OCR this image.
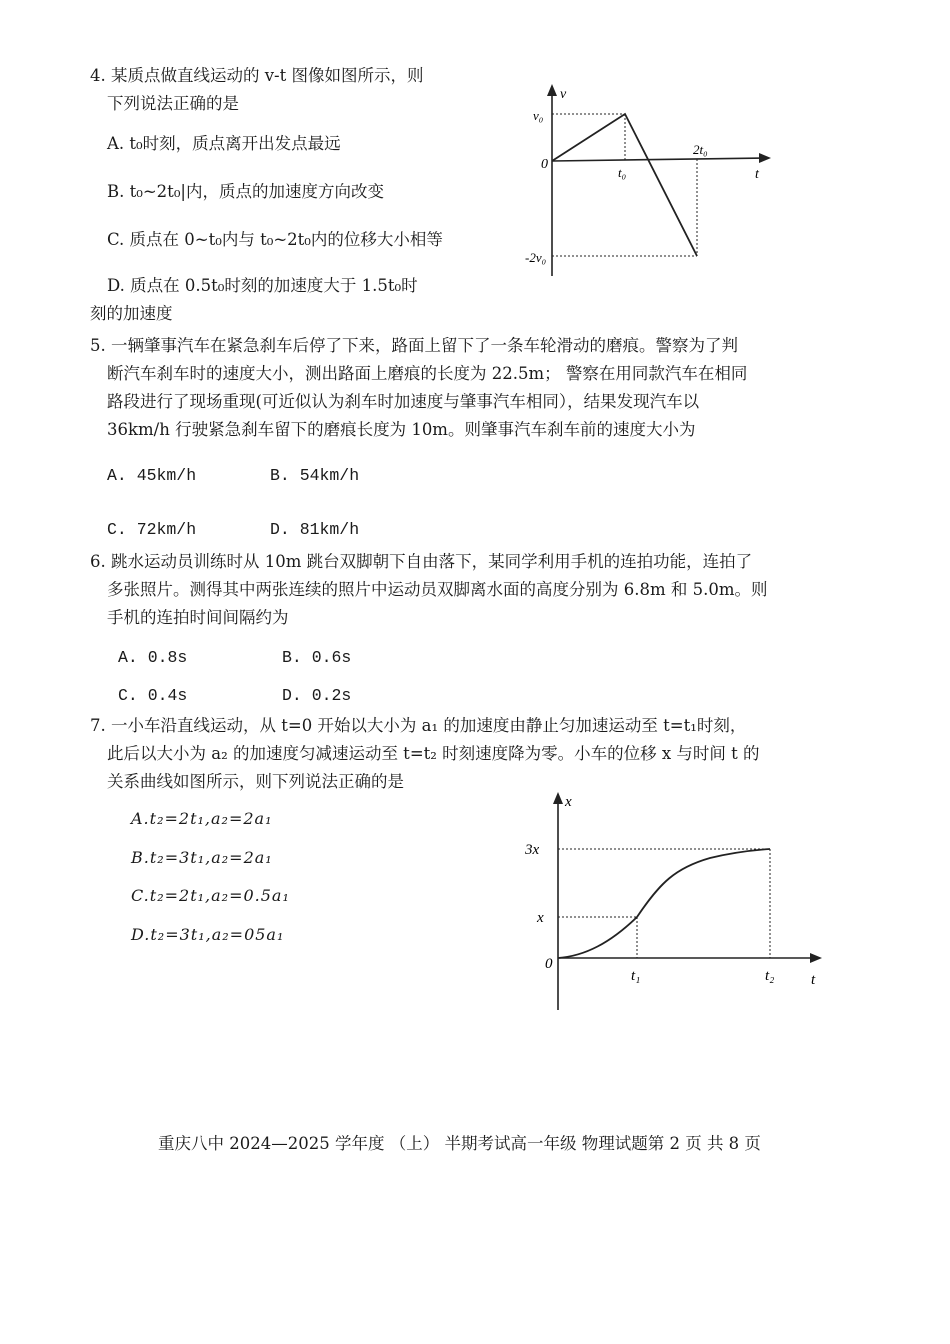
4. 某质点做直线运动的 v-t 图像如图所示，则
下列说法正确的是
A. t₀时刻，质点离开出发点最远
B. t₀~2t₀|内，质点的加速度方向改变
C. 质点在 0~t₀内与 t₀~2t₀内的位移大小相等
D. 质点在 0.5t₀时刻的加速度大于 1.5t₀时
刻的加速度
v
t
0
v₀
-2v₀
t₀
2t₀
5. 一辆肇事汽车在紧急刹车后停了下来，路面上留下了一条车轮滑动的磨痕。警察为了判
断汽车刹车时的速度大小，测出路面上磨痕的长度为 22.5m； 警察在用同款汽车在相同
路段进行了现场重现(可近似认为刹车时加速度与肇事汽车相同），结果发现汽车以
36km/h 行驶紧急刹车留下的磨痕长度为 10m。则肇事汽车刹车前的速度大小为
A. 45km/h	B. 54km/h
C. 72km/h	D. 81km/h
6. 跳水运动员训练时从 10m 跳台双脚朝下自由落下，某同学利用手机的连拍功能，连拍了
多张照片。测得其中两张连续的照片中运动员双脚离水面的高度分别为 6.8m 和 5.0m。则
手机的连拍时间间隔约为
A. 0.8s	B. 0.6s
C. 0.4s	D. 0.2s
7. 一小车沿直线运动，从 t=0 开始以大小为 a₁ 的加速度由静止匀加速运动至 t=t₁时刻，
此后以大小为 a₂ 的加速度匀减速运动至 t=t₂ 时刻速度降为零。小车的位移 x 与时间 t 的
关系曲线如图所示，则下列说法正确的是
A.t₂=2t₁,a₂=2a₁
B.t₂=3t₁,a₂=2a₁
C.t₂=2t₁,a₂=0.5a₁
D.t₂=3t₁,a₂=05a₁
x
t
0
x
3x
t₁	t₂
重庆八中 2024—2025 学年度 （上） 半期考试高一年级 物理试题第 2 页 共 8 页
